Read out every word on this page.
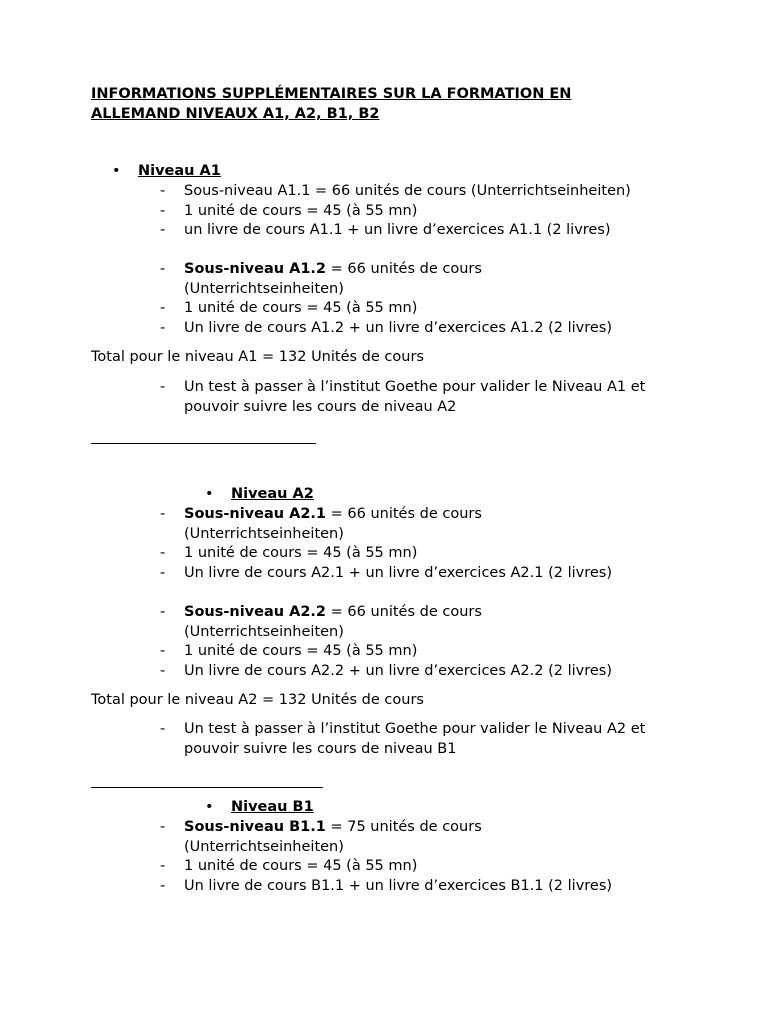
INFORMATIONS SUPPLÉMENTAIRES SUR LA FORMATION EN ALLEMAND NIVEAUX A1, A2, B1, B2
• Niveau A1
- Sous-niveau A1.1 = 66 unités de cours (Unterrichtseinheiten)
- 1 unité de cours = 45 (à 55 mn)
- un livre de cours A1.1 + un livre d’exercices A1.1 (2 livres)
- Sous-niveau A1.2 = 66 unités de cours (Unterrichtseinheiten)
- 1 unité de cours = 45 (à 55 mn)
- Un livre de cours A1.2 + un livre d’exercices A1.2 (2 livres)
Total pour le niveau A1 = 132 Unités de cours
- Un test à passer à l’institut Goethe pour valider le Niveau A1 et pouvoir suivre les cours de niveau A2
• Niveau A2
- Sous-niveau A2.1 = 66 unités de cours (Unterrichtseinheiten)
- 1 unité de cours = 45 (à 55 mn)
- Un livre de cours A2.1 + un livre d’exercices A2.1 (2 livres)
- Sous-niveau A2.2 = 66 unités de cours (Unterrichtseinheiten)
- 1 unité de cours = 45 (à 55 mn)
- Un livre de cours A2.2 + un livre d’exercices A2.2 (2 livres)
Total pour le niveau A2 = 132 Unités de cours
- Un test à passer à l’institut Goethe pour valider le Niveau A2 et pouvoir suivre les cours de niveau B1
• Niveau B1
- Sous-niveau B1.1 = 75 unités de cours (Unterrichtseinheiten)
- 1 unité de cours = 45 (à 55 mn)
- Un livre de cours B1.1 + un livre d’exercices B1.1 (2 livres)
